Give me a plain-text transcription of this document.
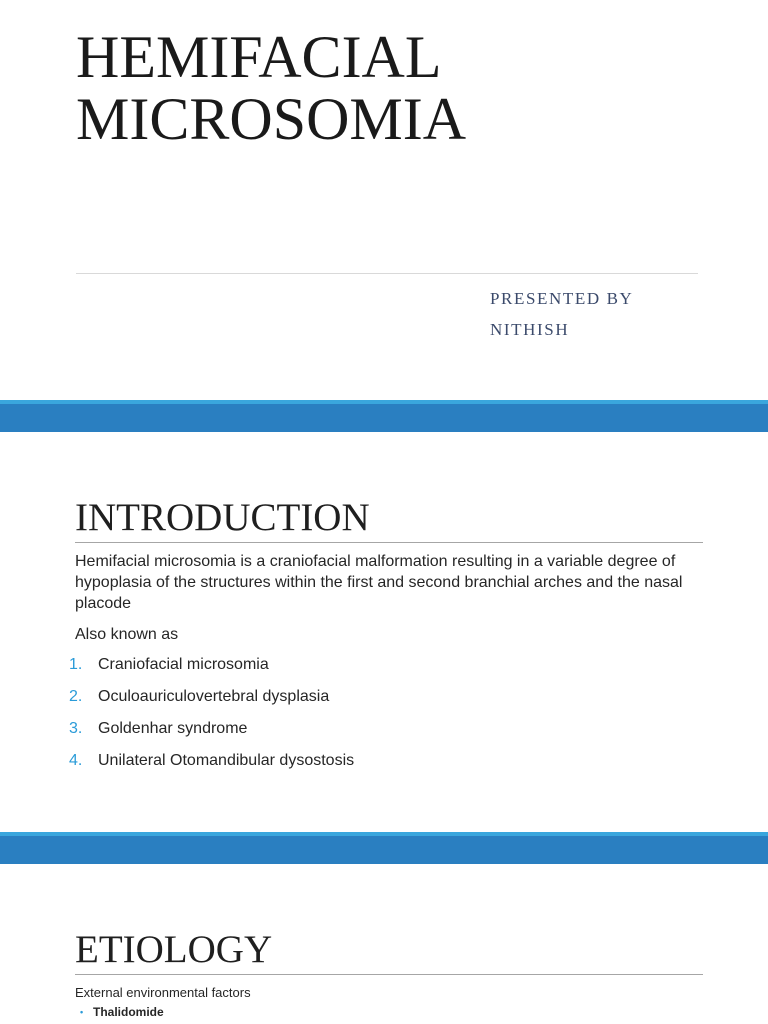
HEMIFACIAL
MICROSOMIA
PRESENTED BY
NITHISH
INTRODUCTION

Hemifacial microsomia is a craniofacial malformation resulting in a variable degree of hypoplasia of the structures within the first and second branchial arches and the nasal placode

Also known as

1. Craniofacial microsomia
2. Oculoauriculovertebral dysplasia
3. Goldenhar syndrome
4. Unilateral Otomandibular dysostosis
ETIOLOGY

External environmental factors

• Thalidomide
